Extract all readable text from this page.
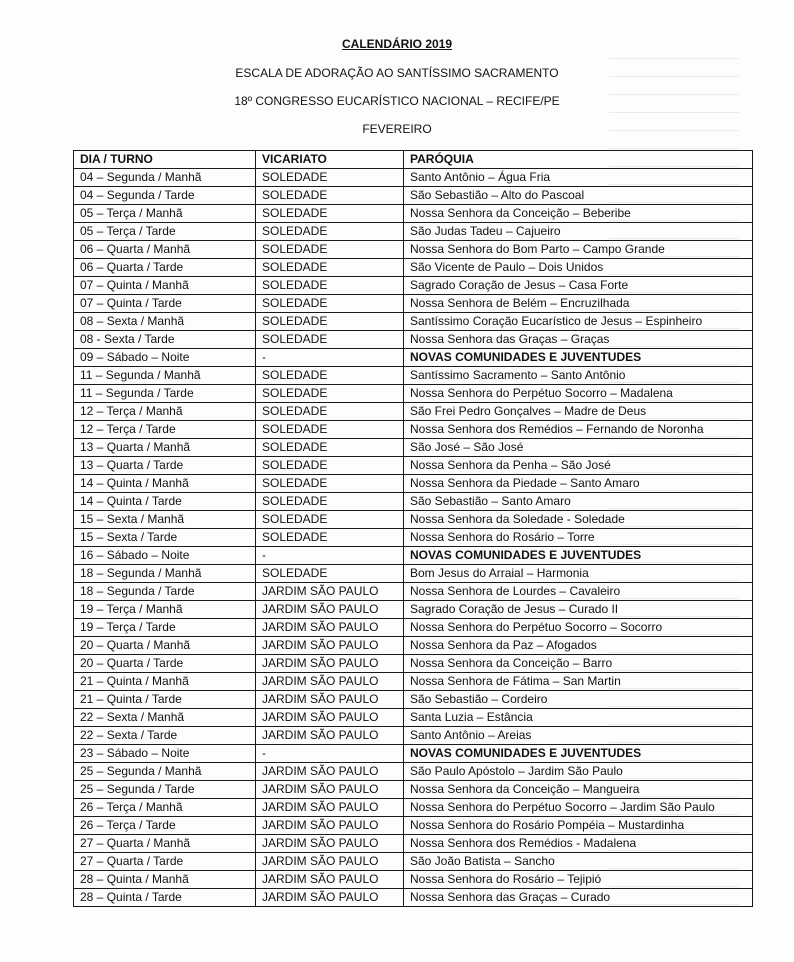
CALENDÁRIO 2019
ESCALA DE ADORAÇÃO AO SANTÍSSIMO SACRAMENTO
18º CONGRESSO EUCARÍSTICO NACIONAL – RECIFE/PE
FEVEREIRO
DIA / TURNO	VICARIATO	PARÓQUIA
04 – Segunda / Manhã	SOLEDADE	Santo Antônio – Água Fria
04 – Segunda / Tarde	SOLEDADE	São Sebastião – Alto do Pascoal
05 – Terça / Manhã	SOLEDADE	Nossa Senhora da Conceição – Beberibe
05 – Terça / Tarde	SOLEDADE	São Judas Tadeu – Cajueiro
06 – Quarta / Manhã	SOLEDADE	Nossa Senhora do Bom Parto – Campo Grande
06 – Quarta / Tarde	SOLEDADE	São Vicente de Paulo – Dois Unidos
07 – Quinta / Manhã	SOLEDADE	Sagrado Coração de Jesus – Casa Forte
07 – Quinta / Tarde	SOLEDADE	Nossa Senhora de Belém – Encruzilhada
08 – Sexta / Manhã	SOLEDADE	Santíssimo Coração Eucarístico de Jesus – Espinheiro
08 - Sexta / Tarde	SOLEDADE	Nossa Senhora das Graças – Graças
09 – Sábado – Noite	-	NOVAS COMUNIDADES E JUVENTUDES
11 – Segunda / Manhã	SOLEDADE	Santíssimo Sacramento – Santo Antônio
11 – Segunda / Tarde	SOLEDADE	Nossa Senhora do Perpétuo Socorro – Madalena
12 – Terça / Manhã	SOLEDADE	São Frei Pedro Gonçalves – Madre de Deus
12 – Terça / Tarde	SOLEDADE	Nossa Senhora dos Remédios – Fernando de Noronha
13 – Quarta / Manhã	SOLEDADE	São José – São José
13 – Quarta / Tarde	SOLEDADE	Nossa Senhora da Penha – São José
14 – Quinta / Manhã	SOLEDADE	Nossa Senhora da Piedade – Santo Amaro
14 – Quinta / Tarde	SOLEDADE	São Sebastião – Santo Amaro
15 – Sexta / Manhã	SOLEDADE	Nossa Senhora da Soledade - Soledade
15 – Sexta / Tarde	SOLEDADE	Nossa Senhora do Rosário – Torre
16 – Sábado – Noite	-	NOVAS COMUNIDADES E JUVENTUDES
18 – Segunda / Manhã	SOLEDADE	Bom Jesus do Arraial – Harmonia
18 – Segunda / Tarde	JARDIM SÃO PAULO	Nossa Senhora de Lourdes – Cavaleiro
19 – Terça / Manhã	JARDIM SÃO PAULO	Sagrado Coração de Jesus – Curado II
19 – Terça / Tarde	JARDIM SÃO PAULO	Nossa Senhora do Perpétuo Socorro – Socorro
20 – Quarta / Manhã	JARDIM SÃO PAULO	Nossa Senhora da Paz – Afogados
20 – Quarta / Tarde	JARDIM SÃO PAULO	Nossa Senhora da Conceição – Barro
21 – Quinta / Manhã	JARDIM SÃO PAULO	Nossa Senhora de Fátima – San Martin
21 – Quinta / Tarde	JARDIM SÃO PAULO	São Sebastião – Cordeiro
22 – Sexta / Manhã	JARDIM SÃO PAULO	Santa Luzia – Estância
22 – Sexta / Tarde	JARDIM SÃO PAULO	Santo Antônio – Areias
23 – Sábado – Noite	-	NOVAS COMUNIDADES E JUVENTUDES
25 – Segunda / Manhã	JARDIM SÃO PAULO	São Paulo Apóstolo – Jardim São Paulo
25 – Segunda / Tarde	JARDIM SÃO PAULO	Nossa Senhora da Conceição – Mangueira
26 – Terça / Manhã	JARDIM SÃO PAULO	Nossa Senhora do Perpétuo Socorro – Jardim São Paulo
26 – Terça / Tarde	JARDIM SÃO PAULO	Nossa Senhora do Rosário Pompéia – Mustardinha
27 – Quarta / Manhã	JARDIM SÃO PAULO	Nossa Senhora dos Remédios - Madalena
27 – Quarta / Tarde	JARDIM SÃO PAULO	São João Batista – Sancho
28 – Quinta / Manhã	JARDIM SÃO PAULO	Nossa Senhora do Rosário – Tejipió
28 – Quinta / Tarde	JARDIM SÃO PAULO	Nossa Senhora das Graças – Curado
